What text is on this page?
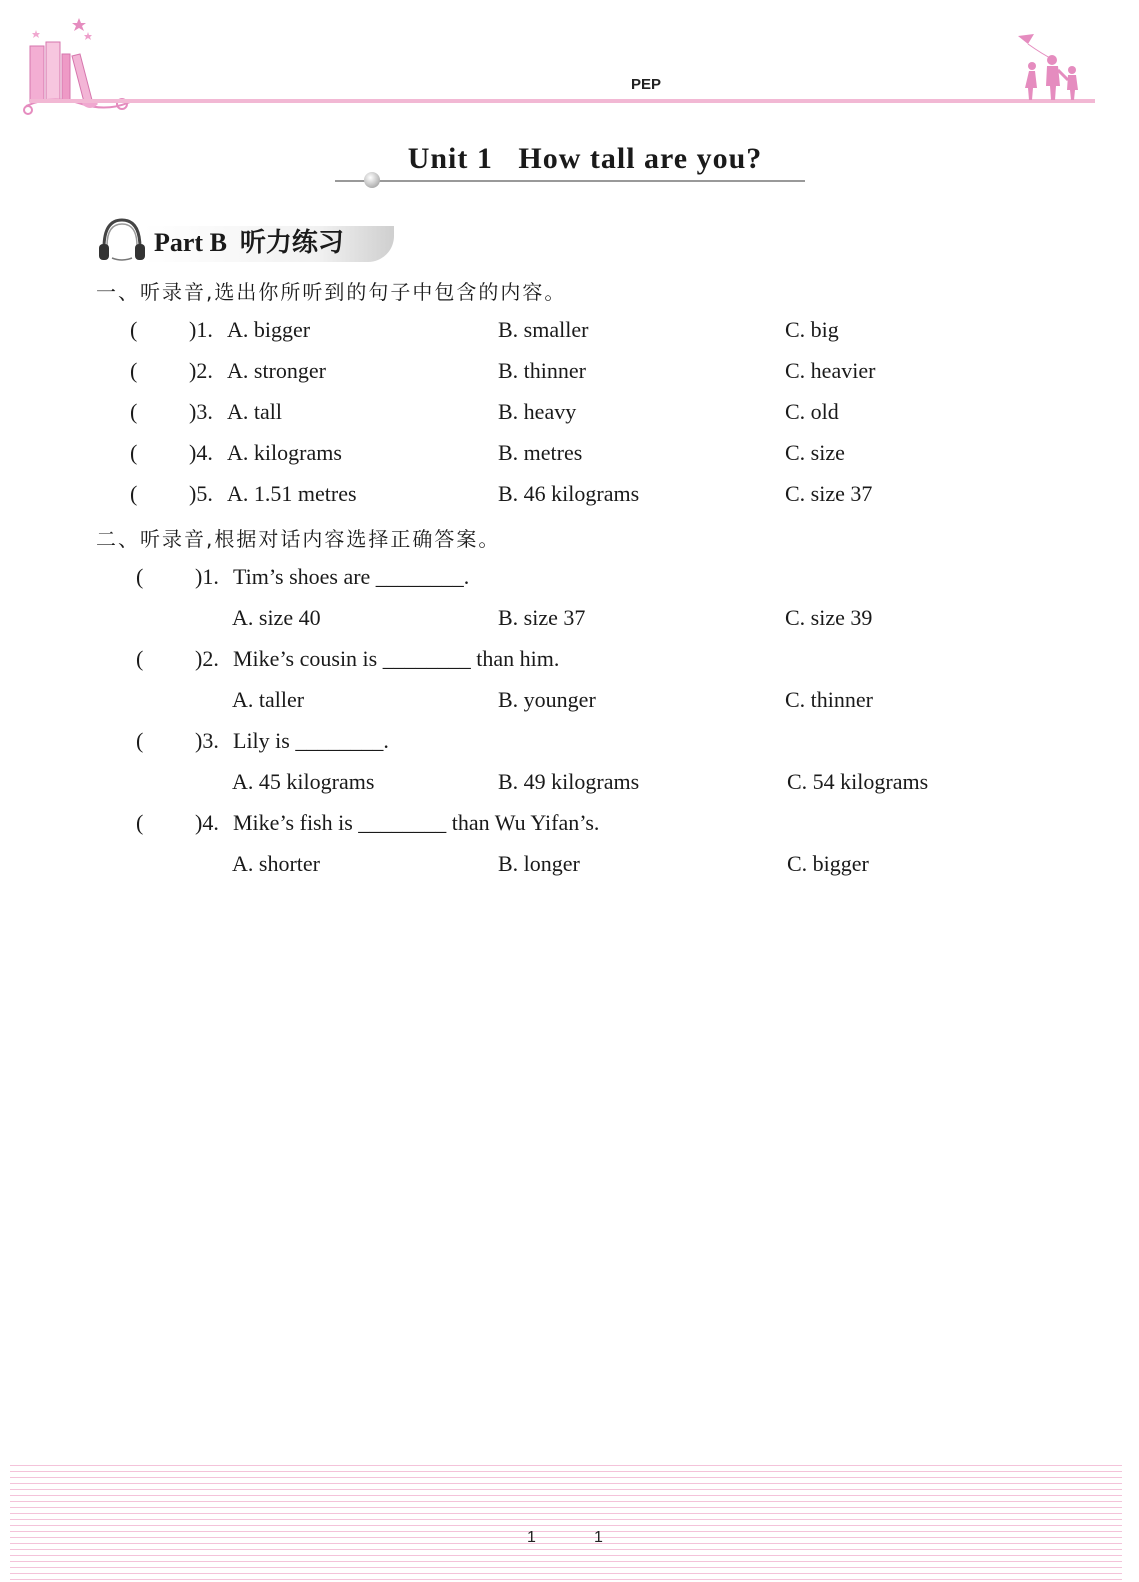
PEP
Unit 1   How tall are you?
Part B  听力练习
一、听录音,选出你所听到的句子中包含的内容。
( )1. A. bigger	B. smaller	C. big
( )2. A. stronger	B. thinner	C. heavier
( )3. A. tall	B. heavy	C. old
( )4. A. kilograms	B. metres	C. size
( )5. A. 1.51 metres	B. 46 kilograms	C. size 37
二、听录音,根据对话内容选择正确答案。
( )1. Tim’s shoes are ________.
A. size 40	B. size 37	C. size 39
( )2. Mike’s cousin is ________ than him.
A. taller	B. younger	C. thinner
( )3. Lily is ________.
A. 45 kilograms	B. 49 kilograms	C. 54 kilograms
( )4. Mike’s fish is ________ than Wu Yifan’s.
A. shorter	B. longer	C. bigger
1	1
